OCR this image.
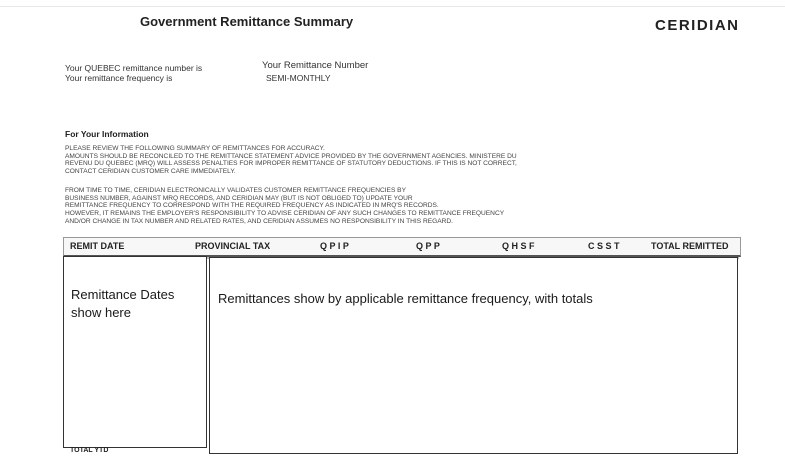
Government Remittance Summary	CERIDIAN
Your QUEBEC remittance number is
Your remittance frequency is
Your Remittance Number
SEMI-MONTHLY
For Your Information
PLEASE REVIEW THE FOLLOWING SUMMARY OF REMITTANCES FOR ACCURACY.
AMOUNTS SHOULD BE RECONCILED TO THE REMITTANCE STATEMENT ADVICE PROVIDED BY THE GOVERNMENT AGENCIES. MINISTERE DU
REVENU DU QUEBEC (MRQ) WILL ASSESS PENALTIES FOR IMPROPER REMITTANCE OF STATUTORY DEDUCTIONS. IF THIS IS NOT CORRECT,
CONTACT CERIDIAN CUSTOMER CARE IMMEDIATELY.
FROM TIME TO TIME, CERIDIAN ELECTRONICALLY VALIDATES CUSTOMER REMITTANCE FREQUENCIES BY
BUSINESS NUMBER, AGAINST MRQ RECORDS, AND CERIDIAN MAY (BUT IS NOT OBLIGED TO) UPDATE YOUR
REMITTANCE FREQUENCY TO CORRESPOND WITH THE REQUIRED FREQUENCY AS INDICATED IN MRQ'S RECORDS.
HOWEVER, IT REMAINS THE EMPLOYER'S RESPONSIBILITY TO ADVISE CERIDIAN OF ANY SUCH CHANGES TO REMITTANCE FREQUENCY
AND/OR CHANGE IN TAX NUMBER AND RELATED RATES, AND CERIDIAN ASSUMES NO RESPONSIBILITY IN THIS REGARD.
REMIT DATE	PROVINCIAL TAX	Q P I P	Q P P	Q H S F	C S S T	TOTAL REMITTED
Remittance Dates show here
Remittances show by applicable remittance frequency, with totals
TOTAL YTD
